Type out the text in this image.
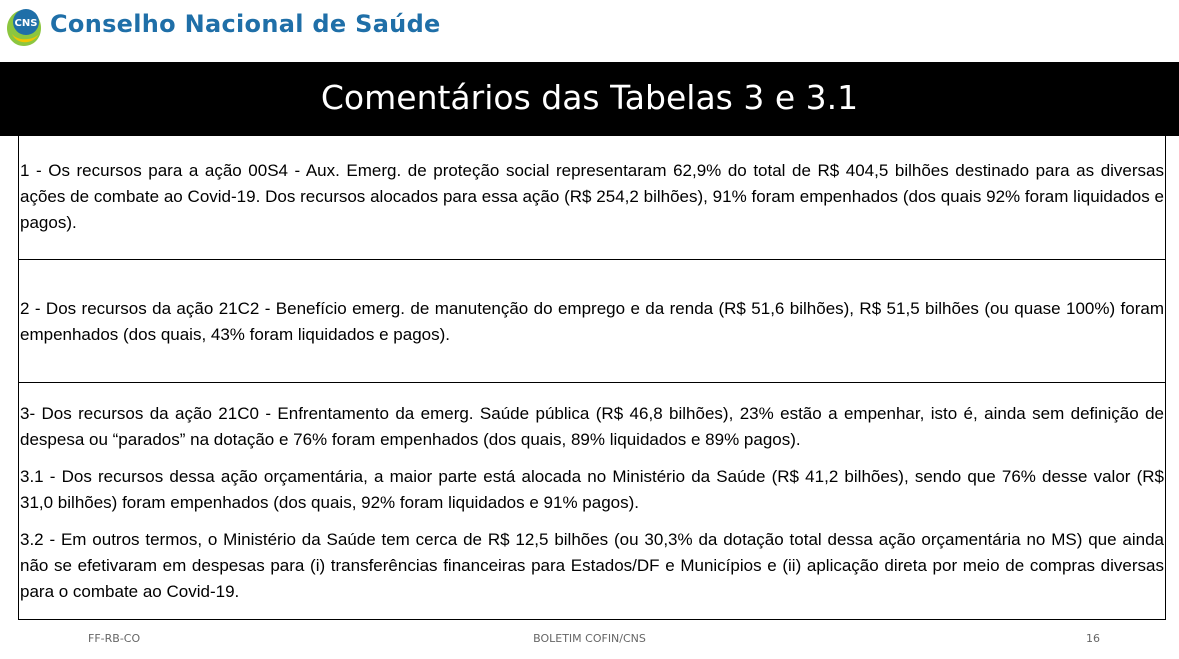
CNS Conselho Nacional de Saúde
Comentários das Tabelas 3 e 3.1

1 - Os recursos para a ação 00S4 - Aux. Emerg. de proteção social representaram 62,9% do total de R$ 404,5 bilhões destinado para as diversas ações de combate ao Covid-19. Dos recursos alocados para essa ação (R$ 254,2 bilhões), 91% foram empenhados (dos quais 92% foram liquidados e pagos).

2 - Dos recursos da ação 21C2 - Benefício emerg. de manutenção do emprego e da renda (R$ 51,6 bilhões), R$ 51,5 bilhões (ou quase 100%) foram empenhados (dos quais, 43% foram liquidados e pagos).

3- Dos recursos da ação 21C0 - Enfrentamento da emerg. Saúde pública (R$ 46,8 bilhões), 23% estão a empenhar, isto é, ainda sem definição de despesa ou “parados” na dotação e 76% foram empenhados (dos quais, 89% liquidados e 89% pagos).

3.1 - Dos recursos dessa ação orçamentária, a maior parte está alocada no Ministério da Saúde (R$ 41,2 bilhões), sendo que 76% desse valor (R$ 31,0 bilhões) foram empenhados (dos quais, 92% foram liquidados e 91% pagos).

3.2 - Em outros termos, o Ministério da Saúde tem cerca de R$ 12,5 bilhões (ou 30,3% da dotação total dessa ação orçamentária no MS) que ainda não se efetivaram em despesas para (i) transferências financeiras para Estados/DF e Municípios e (ii) aplicação direta por meio de compras diversas para o combate ao Covid-19.

FF-RB-CO	BOLETIM COFIN/CNS	16
